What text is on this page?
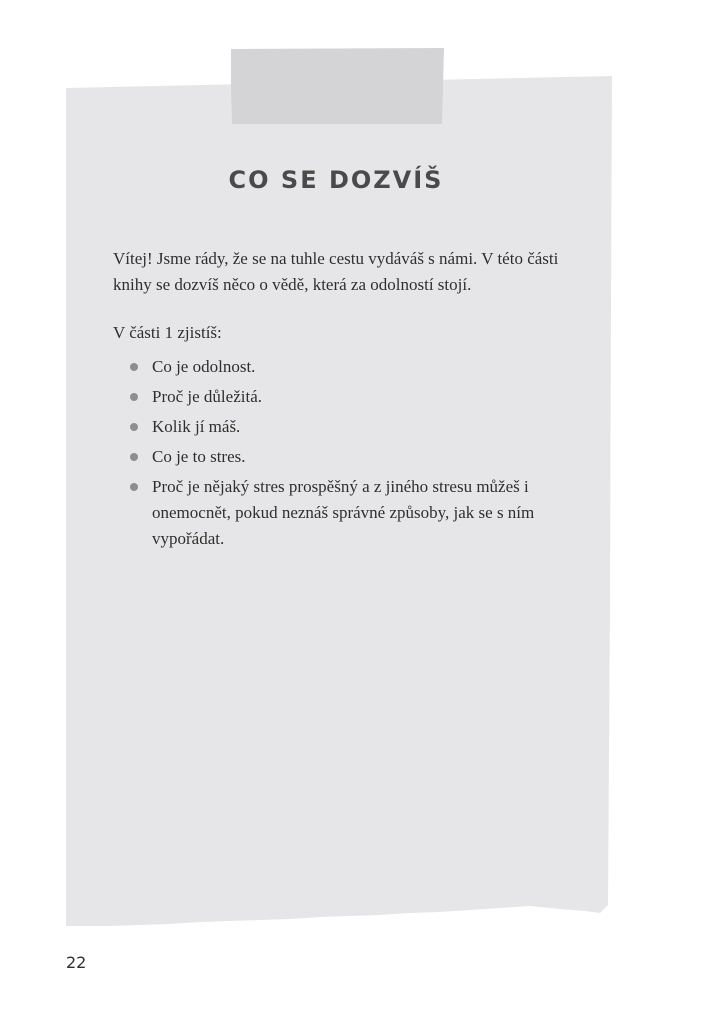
CO SE DOZVÍŠ

Vítej! Jsme rády, že se na tuhle cestu vydáváš s námi. V této části knihy se dozvíš něco o vědě, která za odolností stojí.

V části 1 zjistíš:

Co je odolnost.
Proč je důležitá.
Kolik jí máš.
Co je to stres.
Proč je nějaký stres prospěšný a z jiného stresu můžeš i onemocnět, pokud neznáš správné způsoby, jak se s ním vypořádat.

22
